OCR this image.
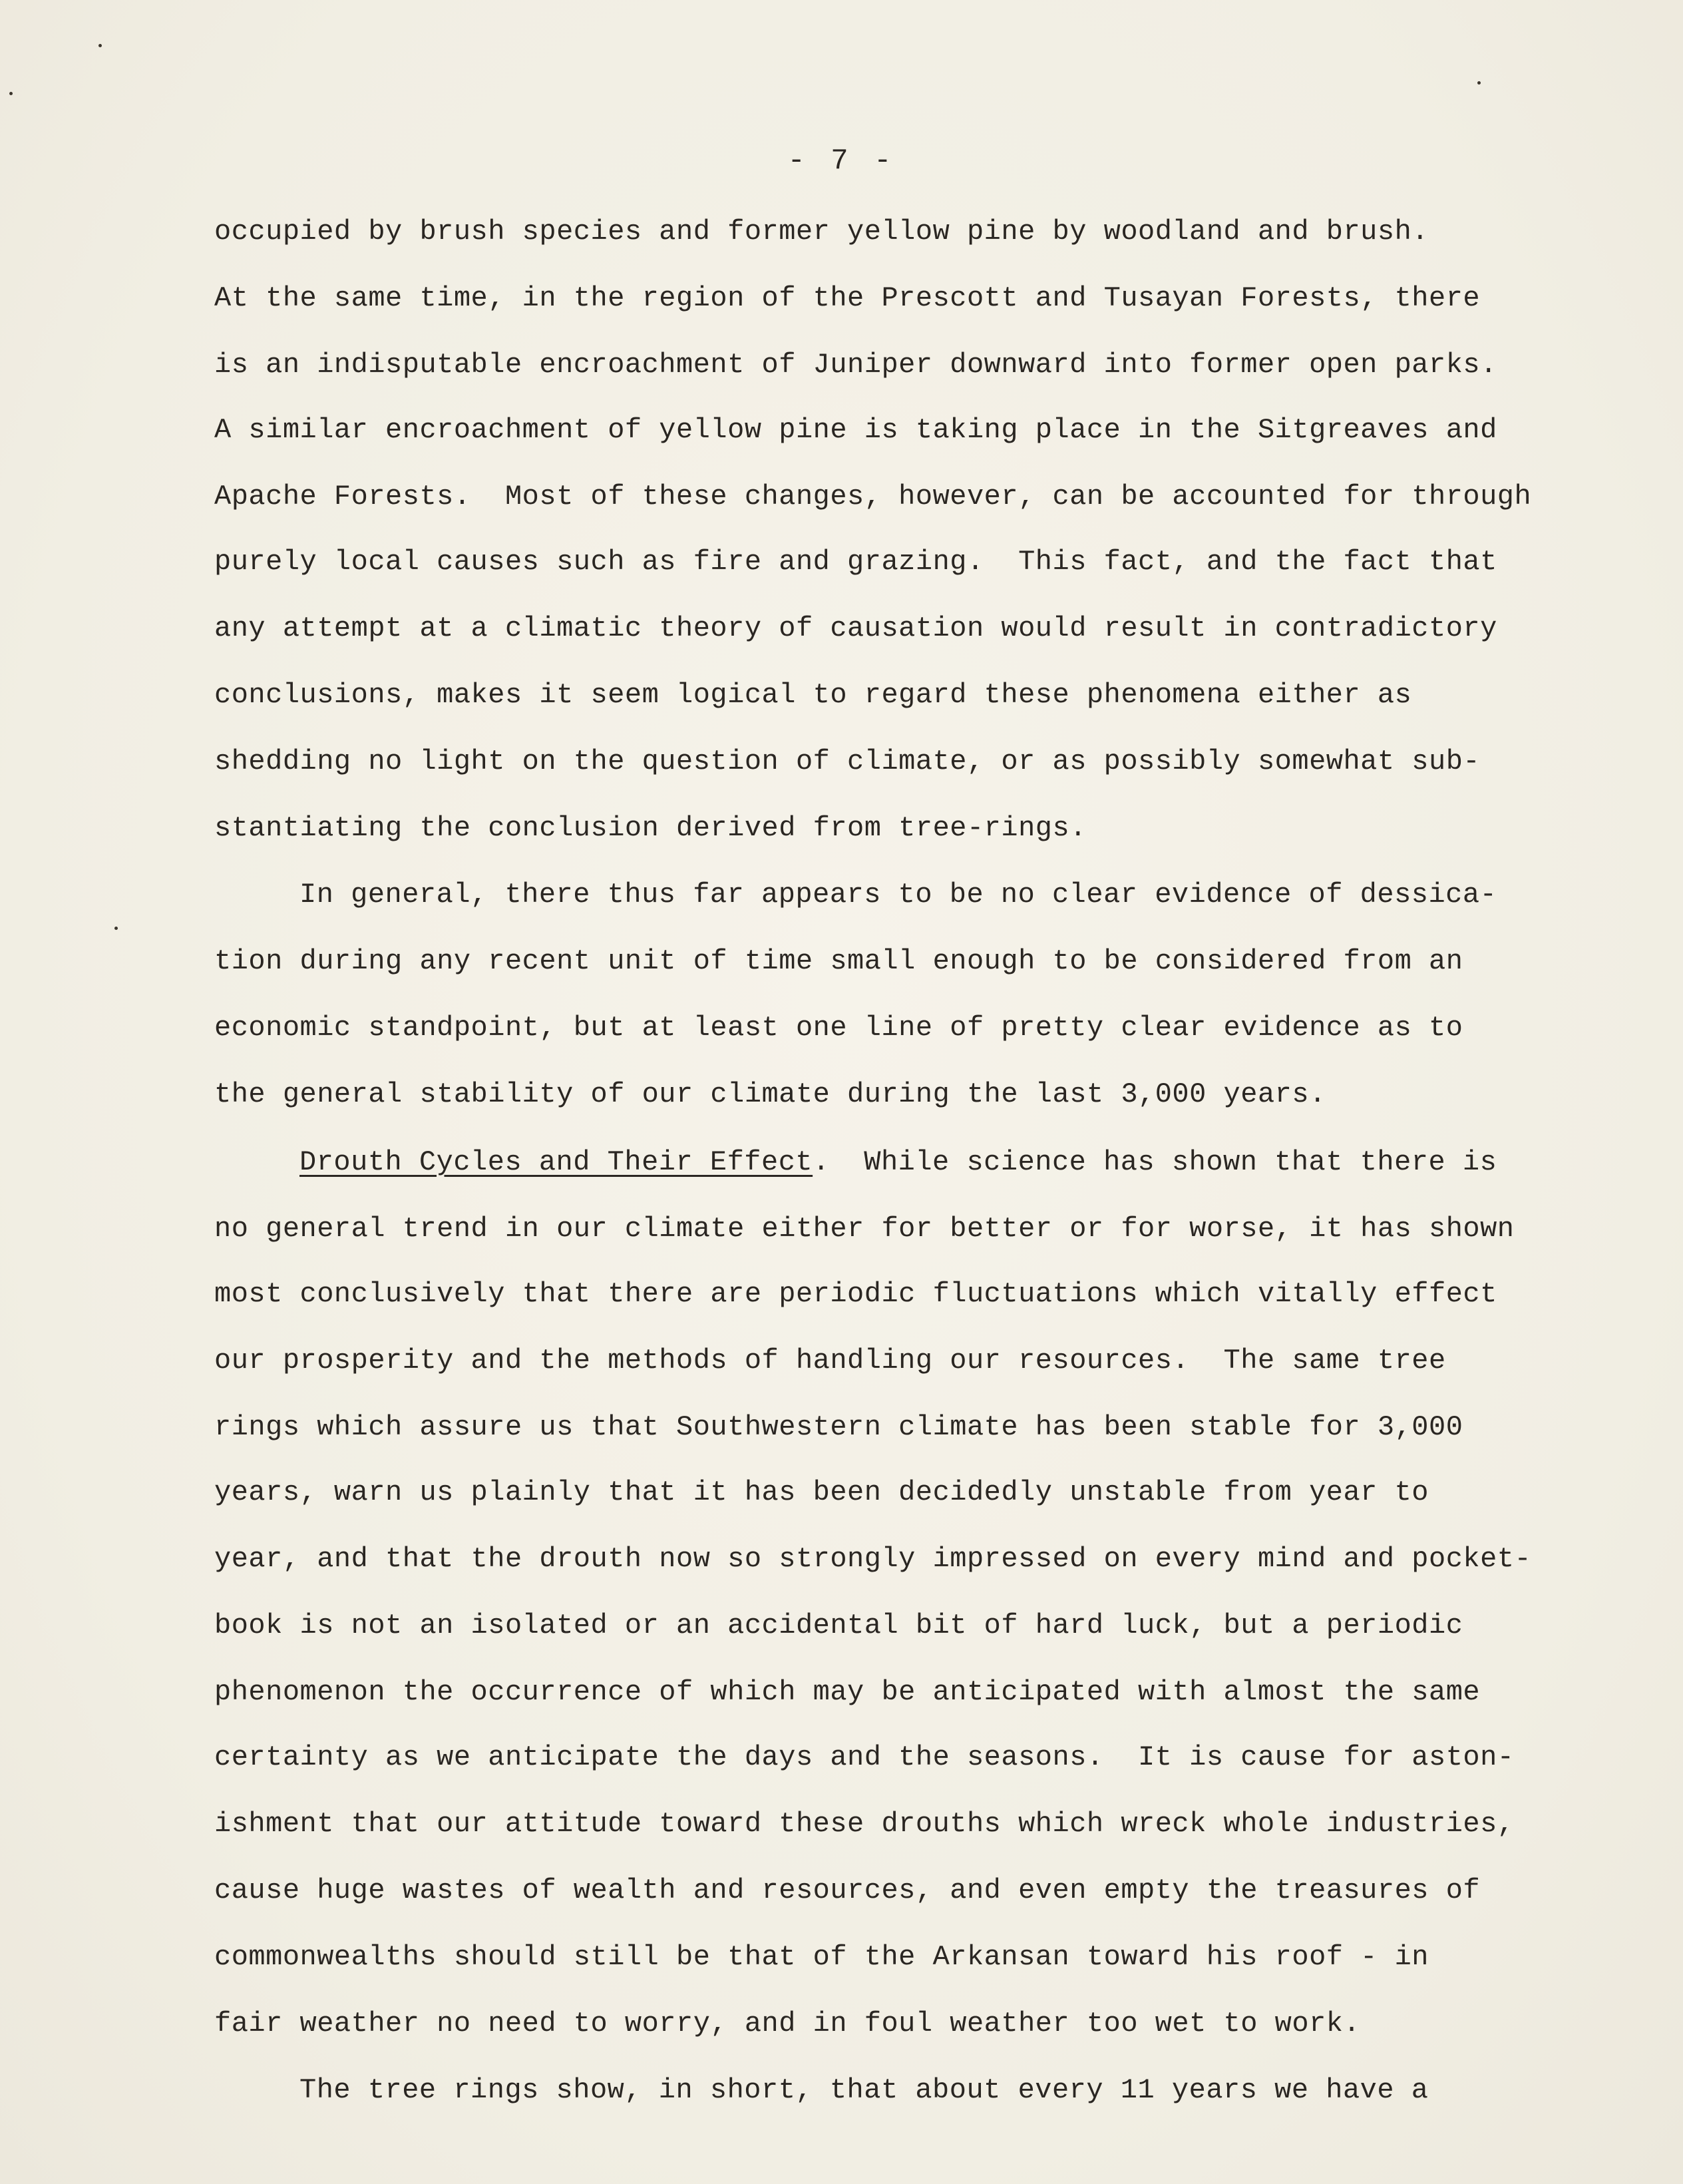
- 7 -
occupied by brush species and former yellow pine by woodland and brush.
At the same time, in the region of the Prescott and Tusayan Forests, there
is an indisputable encroachment of Juniper downward into former open parks.
A similar encroachment of yellow pine is taking place in the Sitgreaves and
Apache Forests.  Most of these changes, however, can be accounted for through
purely local causes such as fire and grazing.  This fact, and the fact that
any attempt at a climatic theory of causation would result in contradictory
conclusions, makes it seem logical to regard these phenomena either as
shedding no light on the question of climate, or as possibly somewhat sub-
stantiating the conclusion derived from tree-rings.
In general, there thus far appears to be no clear evidence of dessica-
tion during any recent unit of time small enough to be considered from an
economic standpoint, but at least one line of pretty clear evidence as to
the general stability of our climate during the last 3,000 years.
Drouth Cycles and Their Effect.  While science has shown that there is
no general trend in our climate either for better or for worse, it has shown
most conclusively that there are periodic fluctuations which vitally effect
our prosperity and the methods of handling our resources.  The same tree
rings which assure us that Southwestern climate has been stable for 3,000
years, warn us plainly that it has been decidedly unstable from year to
year, and that the drouth now so strongly impressed on every mind and pocket-
book is not an isolated or an accidental bit of hard luck, but a periodic
phenomenon the occurrence of which may be anticipated with almost the same
certainty as we anticipate the days and the seasons.  It is cause for aston-
ishment that our attitude toward these drouths which wreck whole industries,
cause huge wastes of wealth and resources, and even empty the treasures of
commonwealths should still be that of the Arkansan toward his roof - in
fair weather no need to worry, and in foul weather too wet to work.
The tree rings show, in short, that about every 11 years we have a
